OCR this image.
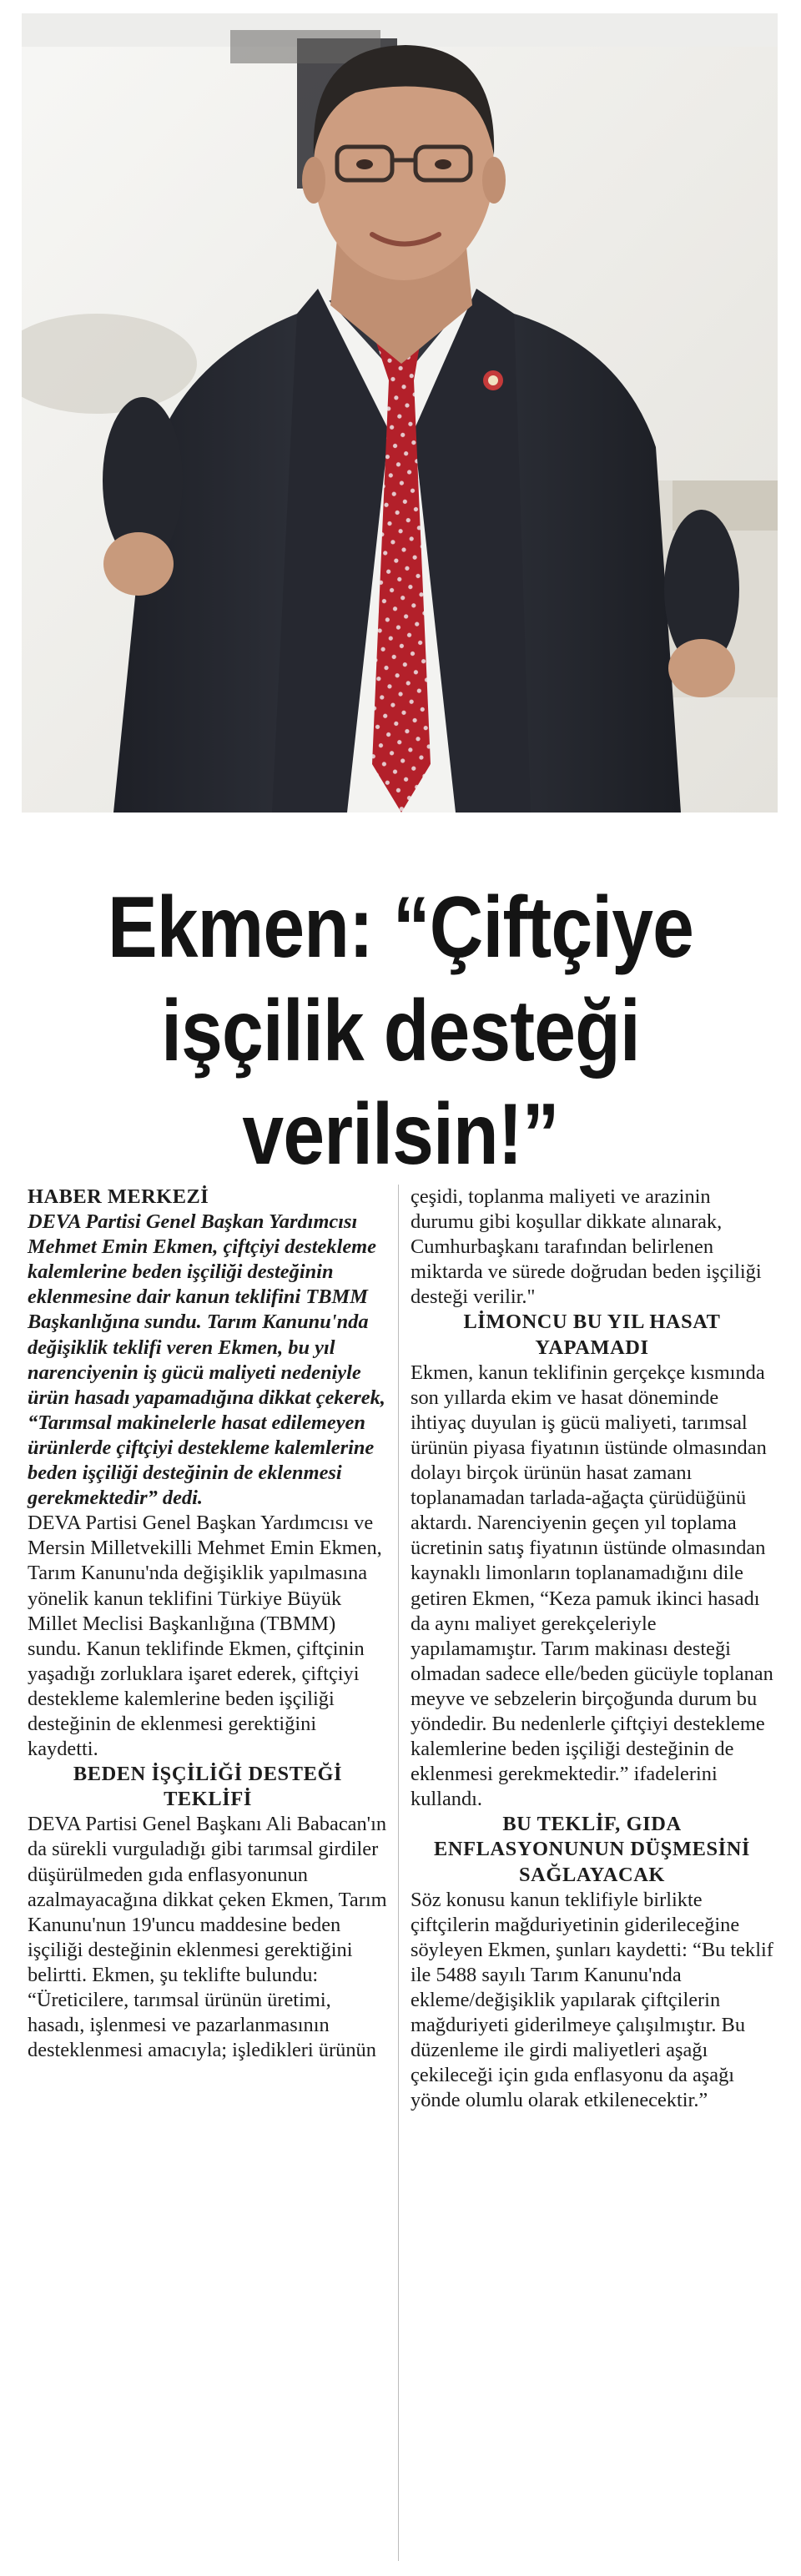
Ekmen: “Çiftçiye
işçilik desteği
verilsin!”

HABER MERKEZİ

DEVA Partisi Genel Başkan Yardımcısı Mehmet Emin Ekmen, çiftçiyi destekleme kalemlerine beden işçiliği desteğinin eklenmesine dair kanun teklifini TBMM Başkanlığına sundu. Tarım Kanunu'nda değişiklik teklifi veren Ekmen, bu yıl narenciyenin iş gücü maliyeti nedeniyle ürün hasadı yapamadığına dikkat çekerek, “Tarımsal makinelerle hasat edilemeyen ürünlerde çiftçiyi destekleme kalemlerine beden işçiliği desteğinin de eklenmesi gerekmektedir” dedi.

DEVA Partisi Genel Başkan Yardımcısı ve Mersin Milletvekilli Mehmet Emin Ekmen, Tarım Kanunu'nda değişiklik yapılmasına yönelik kanun teklifini Türkiye Büyük Millet Meclisi Başkanlığına (TBMM) sundu. Kanun teklifinde Ekmen, çiftçinin yaşadığı zorluklara işaret ederek, çiftçiyi destekleme kalemlerine beden işçiliği desteğinin de eklenmesi gerektiğini kaydetti.

BEDEN İŞÇİLİĞİ DESTEĞİ TEKLİFİ

DEVA Partisi Genel Başkanı Ali Babacan'ın da sürekli vurguladığı gibi tarımsal girdiler düşürülmeden gıda enflasyonunun azalmayacağına dikkat çeken Ekmen, Tarım Kanunu'nun 19'uncu maddesine beden işçiliği desteğinin eklenmesi gerektiğini belirtti. Ekmen, şu teklifte bulundu: “Üreticilere, tarımsal ürünün üretimi, hasadı, işlenmesi ve pazarlanmasının desteklenmesi amacıyla; işledikleri ürünün

çeşidi, toplanma maliyeti ve arazinin durumu gibi koşullar dikkate alınarak, Cumhurbaşkanı tarafından belirlenen miktarda ve sürede doğrudan beden işçiliği desteği verilir."

LİMONCU BU YIL HASAT YAPAMADI

Ekmen, kanun teklifinin gerçekçe kısmında son yıllarda ekim ve hasat döneminde ihtiyaç duyulan iş gücü maliyeti, tarımsal ürünün piyasa fiyatının üstünde olmasından dolayı birçok ürünün hasat zamanı toplanamadan tarlada-ağaçta çürüdüğünü aktardı. Narenciyenin geçen yıl toplama ücretinin satış fiyatının üstünde olmasından kaynaklı limonların toplanamadığını dile getiren Ekmen, “Keza pamuk ikinci hasadı da aynı maliyet gerekçeleriyle yapılamamıştır. Tarım makinası desteği olmadan sadece elle/beden gücüyle toplanan meyve ve sebzelerin birçoğunda durum bu yöndedir. Bu nedenlerle çiftçiyi destekleme kalemlerine beden işçiliği desteğinin de eklenmesi gerekmektedir.” ifadelerini kullandı.

BU TEKLİF, GIDA ENFLASYONUNUN DÜŞMESİNİ SAĞLAYACAK

Söz konusu kanun teklifiyle birlikte çiftçilerin mağduriyetinin giderileceğine söyleyen Ekmen, şunları kaydetti: “Bu teklif ile 5488 sayılı Tarım Kanunu'nda ekleme/değişiklik yapılarak çiftçilerin mağduriyeti giderilmeye çalışılmıştır. Bu düzenleme ile girdi maliyetleri aşağı çekileceği için gıda enflasyonu da aşağı yönde olumlu olarak etkilenecektir.”
